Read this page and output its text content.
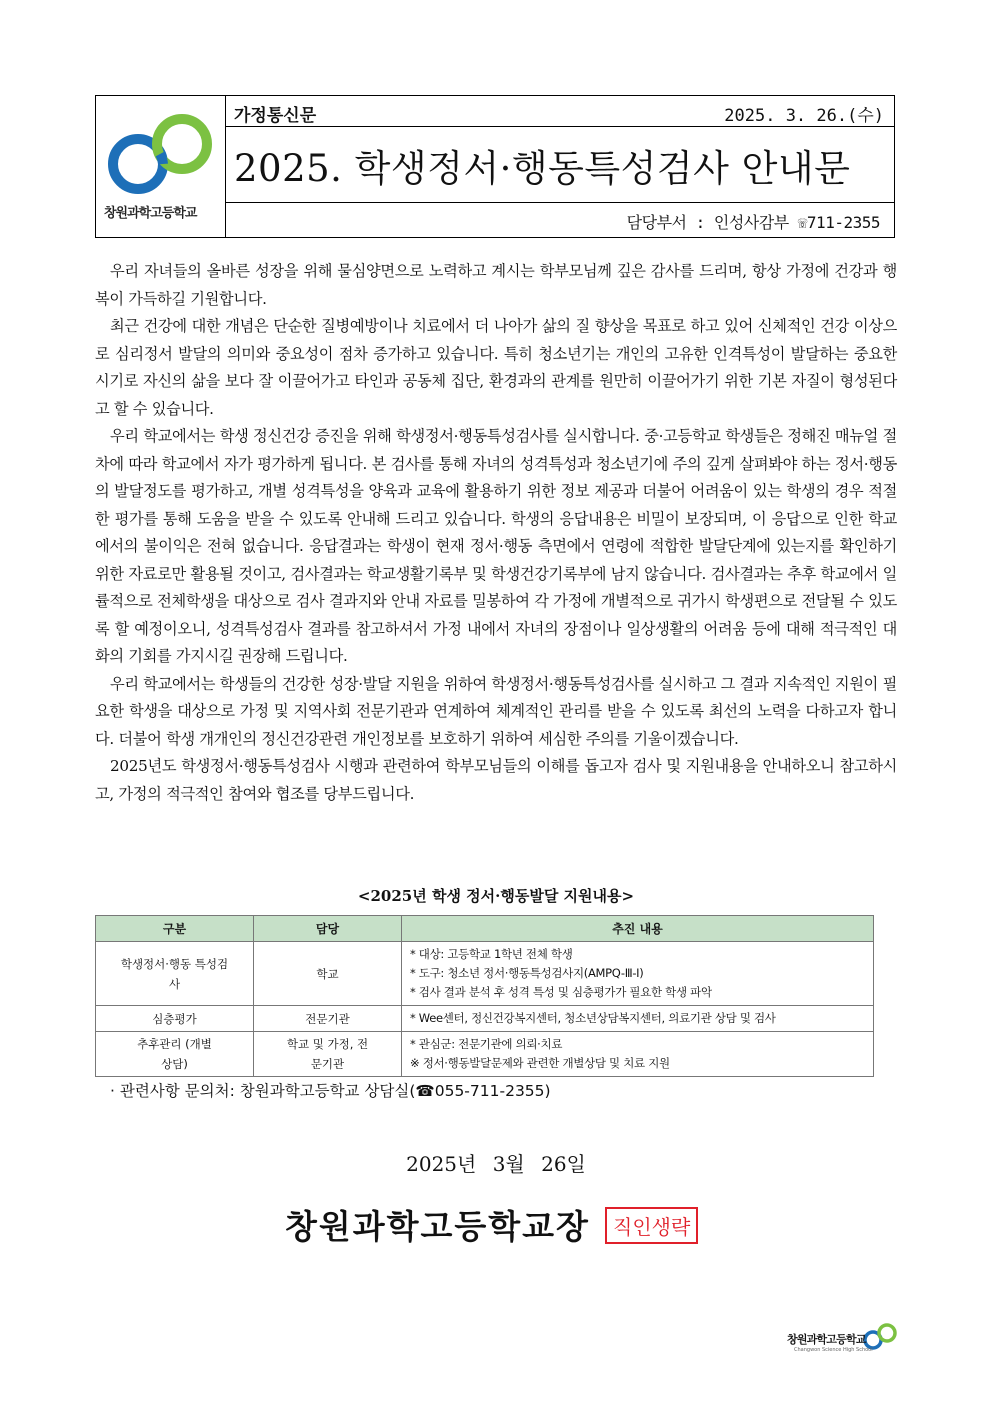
창원과학고등학교
가정통신문	2025. 3. 26.(수)
2025. 학생정서·행동특성검사 안내문
담당부서 : 인성사감부 ☏711-2355

우리 자녀들의 올바른 성장을 위해 물심양면으로 노력하고 계시는 학부모님께 깊은 감사를 드리며, 항상 가정에 건강과 행복이 가득하길 기원합니다.

최근 건강에 대한 개념은 단순한 질병예방이나 치료에서 더 나아가 삶의 질 향상을 목표로 하고 있어 신체적인 건강 이상으로 심리정서 발달의 의미와 중요성이 점차 증가하고 있습니다. 특히 청소년기는 개인의 고유한 인격특성이 발달하는 중요한 시기로 자신의 삶을 보다 잘 이끌어가고 타인과 공동체 집단, 환경과의 관계를 원만히 이끌어가기 위한 기본 자질이 형성된다고 할 수 있습니다.

우리 학교에서는 학생 정신건강 증진을 위해 학생정서·행동특성검사를 실시합니다. 중·고등학교 학생들은 정해진 매뉴얼 절차에 따라 학교에서 자가 평가하게 됩니다. 본 검사를 통해 자녀의 성격특성과 청소년기에 주의 깊게 살펴봐야 하는 정서·행동의 발달정도를 평가하고, 개별 성격특성을 양육과 교육에 활용하기 위한 정보 제공과 더불어 어려움이 있는 학생의 경우 적절한 평가를 통해 도움을 받을 수 있도록 안내해 드리고 있습니다. 학생의 응답내용은 비밀이 보장되며, 이 응답으로 인한 학교에서의 불이익은 전혀 없습니다. 응답결과는 학생이 현재 정서·행동 측면에서 연령에 적합한 발달단계에 있는지를 확인하기 위한 자료로만 활용될 것이고, 검사결과는 학교생활기록부 및 학생건강기록부에 남지 않습니다. 검사결과는 추후 학교에서 일률적으로 전체학생을 대상으로 검사 결과지와 안내 자료를 밀봉하여 각 가정에 개별적으로 귀가시 학생편으로 전달될 수 있도록 할 예정이오니, 성격특성검사 결과를 참고하셔서 가정 내에서 자녀의 장점이나 일상생활의 어려움 등에 대해 적극적인 대화의 기회를 가지시길 권장해 드립니다.

우리 학교에서는 학생들의 건강한 성장·발달 지원을 위하여 학생정서·행동특성검사를 실시하고 그 결과 지속적인 지원이 필요한 학생을 대상으로 가정 및 지역사회 전문기관과 연계하여 체계적인 관리를 받을 수 있도록 최선의 노력을 다하고자 합니다. 더불어 학생 개개인의 정신건강관련 개인정보를 보호하기 위하여 세심한 주의를 기울이겠습니다.

2025년도 학생정서·행동특성검사 시행과 관련하여 학부모님들의 이해를 돕고자 검사 및 지원내용을 안내하오니 참고하시고, 가정의 적극적인 참여와 협조를 당부드립니다.

<2025년 학생 정서·행동발달 지원내용>
구분	담당	추진 내용
학생정서·행동 특성검사	학교	* 대상: 고등학교 1학년 전체 학생
* 도구: 청소년 정서·행동특성검사지(AMPQ-Ⅲ-I)
* 검사 결과 분석 후 성격 특성 및 심층평가가 필요한 학생 파악

심층평가	전문기관	* Wee센터, 정신건강복지센터, 청소년상담복지센터, 의료기관 상담 및 검사

추후관리 (개별상담)	학교 및 가정, 전문기관	* 관심군: 전문기관에 의뢰·치료
※ 정서·행동발달문제와 관련한 개별상담 및 치료 지원
· 관련사항 문의처: 창원과학고등학교 상담실(☎055-711-2355)
2025년 3월 26일
창원과학고등학교장	직인생략
창원과학고등학교
Changwon Science High School
